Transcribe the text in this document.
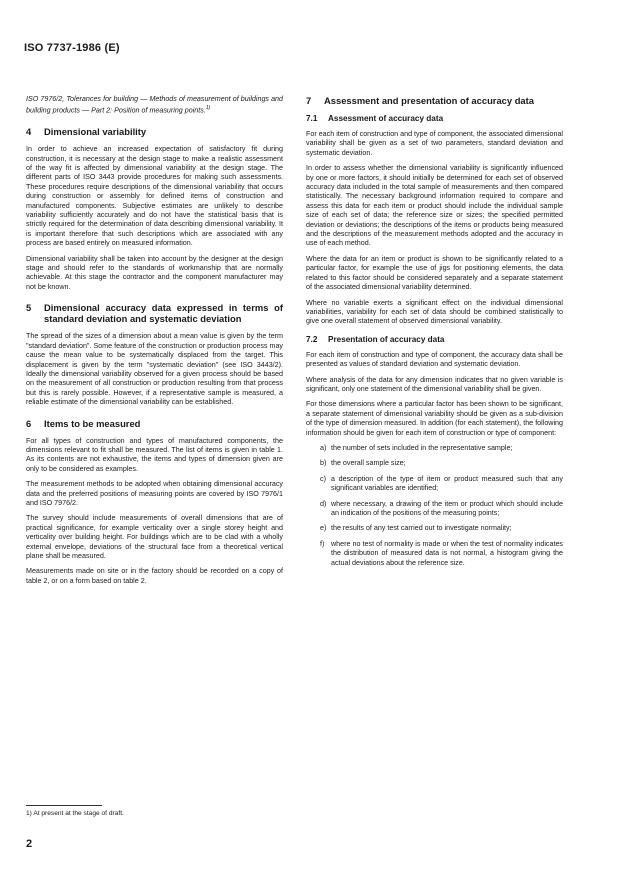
ISO 7737-1986 (E)

ISO 7976/2, Tolerances for building — Methods of measurement of buildings and building products — Part 2: Position of measuring points.$^{1)}$

4	Dimensional variability

In order to achieve an increased expectation of satisfactory fit during construction, it is necessary at the design stage to make a realistic assessment of the way fit is affected by dimensional variability at the design stage. The different parts of ISO 3443 provide procedures for making such assessments. These procedures require descriptions of the dimensional variability that occurs during construction or assembly for defined items of construction and manufactured components. Subjective estimates are unlikely to describe variability sufficiently accurately and do not have the statistical basis that is strictly required for the determination of data describing dimensional variability. It is important therefore that such descriptions which are associated with any process are based entirely on measured information.

Dimensional variability shall be taken into account by the designer at the design stage and should refer to the standards of workmanship that are normally achievable. At this stage the contractor and the component manufacturer may not be known.

5	Dimensional accuracy data expressed in terms of standard deviation and systematic deviation

The spread of the sizes of a dimension about a mean value is given by the term "standard deviation". Some feature of the construction or production process may cause the mean value to be systematically displaced from the target. This displacement is given by the term "systematic deviation" (see ISO 3443/2). Ideally the dimensional variability observed for a given process should be based on the measurement of all construction or production resulting from that process but this is rarely possible. However, if a representative sample is measured, a reliable estimate of the dimensional variability can be established.

6	Items to be measured

For all types of construction and types of manufactured components, the dimensions relevant to fit shall be measured. The list of items is given in table 1. As its contents are not exhaustive, the items and types of dimension given are only to be considered as examples.

The measurement methods to be adopted when obtaining dimensional accuracy data and the preferred positions of measuring points are covered by ISO 7976/1 and ISO 7976/2.

The survey should include measurements of overall dimensions that are of practical significance, for example verticality over a single storey height and verticality over building height. For buildings which are to be clad with a wholly external envelope, deviations of the structural face from a theoretical vertical plane shall be measured.

Measurements made on site or in the factory should be recorded on a copy of table 2, or on a form based on table 2.

7	Assessment and presentation of accuracy data
7.1	Assessment of accuracy data

For each item of construction and type of component, the associated dimensional variability shall be given as a set of two parameters, standard deviation and systematic deviation.

In order to assess whether the dimensional variability is significantly influenced by one or more factors, it should initially be determined for each set of observed accuracy data included in the total sample of measurements and then compared statistically. The necessary background information required to compare and assess this data for each item or product should include the individual sample size of each set of data; the reference size or sizes; the specified permitted deviation or deviations; the descriptions of the items or products being measured and the descriptions of the measurement methods adopted and the accuracy in use of each method.

Where the data for an item or product is shown to be significantly related to a particular factor, for example the use of jigs for positioning elements, the data related to this factor should be considered separately and a separate statement of the associated dimensional variability determined.

Where no variable exerts a significant effect on the individual dimensional variabilities, variability for each set of data should be combined statistically to give one overall statement of observed dimensional variability.

7.2	Presentation of accuracy data

For each item of construction and type of component, the accuracy data shall be presented as values of standard deviation and systematic deviation.

Where analysis of the data for any dimension indicates that no given variable is significant, only one statement of the dimensional variability shall be given.

For those dimensions where a particular factor has been shown to be significant, a separate statement of dimensional variability should be given as a sub-division of the type of dimension measured. In addition (for each statement), the following information should be given for each item of construction or type of component:

a) the number of sets included in the representative sample;
b) the overall sample size;
c) a description of the type of item or product measured such that any significant variables are identified;
d) where necessary, a drawing of the item or product which should include an indication of the positions of the measuring points;
e) the results of any test carried out to investigate normality;
f) where no test of normality is made or when the test of normality indicates the distribution of measured data is not normal, a histogram giving the actual deviations about the reference size.
1) At present at the stage of draft.
2
